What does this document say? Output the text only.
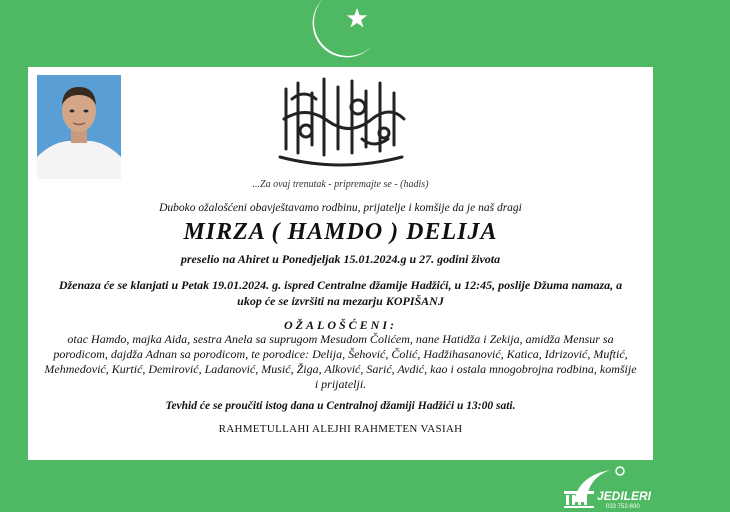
...Za ovaj trenutak - pripremajte se - (hadis)
Duboko ožalošćeni obavještavamo rodbinu, prijatelje i komšije da je naš dragi
MIRZA ( HAMDO ) DELIJA
preselio na Ahiret u Ponedjeljak 15.01.2024.g u 27. godini života
Dženaza će se klanjati u Petak 19.01.2024. g. ispred Centralne džamije Hadžići, u 12:45, poslije Džuma namaza, a ukop će se izvršiti na mezarju KOPIŠANJ
OŽALOŠĆENI:
otac Hamdo, majka Aida, sestra Anela sa suprugom Mesudom Čolićem, nane Hatidža i Zekija, amidža Mensur sa porodicom, dajdža Adnan sa porodicom, te porodice: Delija, Šehović, Čolić, Hadžihasanović, Katica, Idrizović, Muftić, Mehmedović, Kurtić, Demirović, Ladanović, Musić, Žiga, Alković, Sarić, Avdić, kao i ostala mnogobrojna rodbina, komšije i prijatelji.
Tevhid će se proučiti istog dana u Centralnoj džamiji Hadžići u 13:00 sati.
RAHMETULLAHI ALEJHI RAHMETEN VASIAH
JEDILERI
033 752-600
